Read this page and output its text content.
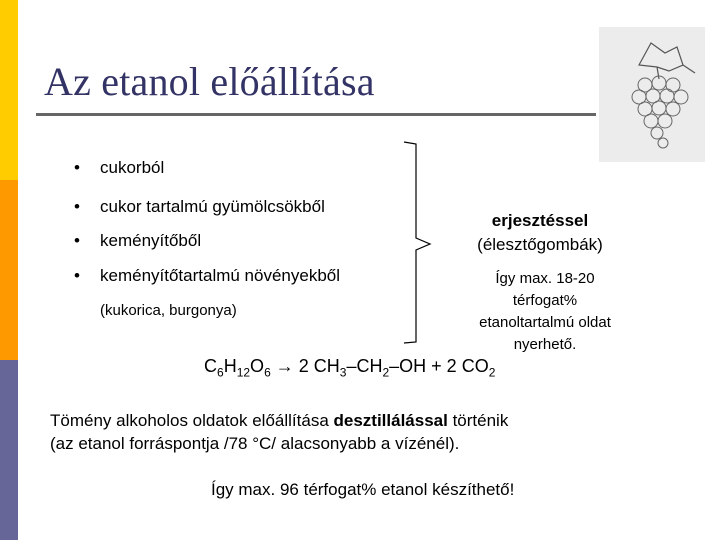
Az etanol előállítása
• cukorból
• cukor tartalmú gyümölcsökből
• keményítőből
• keményítőtartalmú növényekből
(kukorica, burgonya)
erjesztéssel
(élesztőgombák)
Így max. 18-20
térfogat%
etanoltartalmú oldat
nyerhető.
$C_6H_{12}O_6 \to 2$ $CH_3-CH_2-OH + 2$ $CO_2$
Tömény alkoholos oldatok előállítása desztillálással történik
(az etanol forráspontja /78 °C/ alacsonyabb a vízénél).
Így max. 96 térfogat% etanol készíthető!
